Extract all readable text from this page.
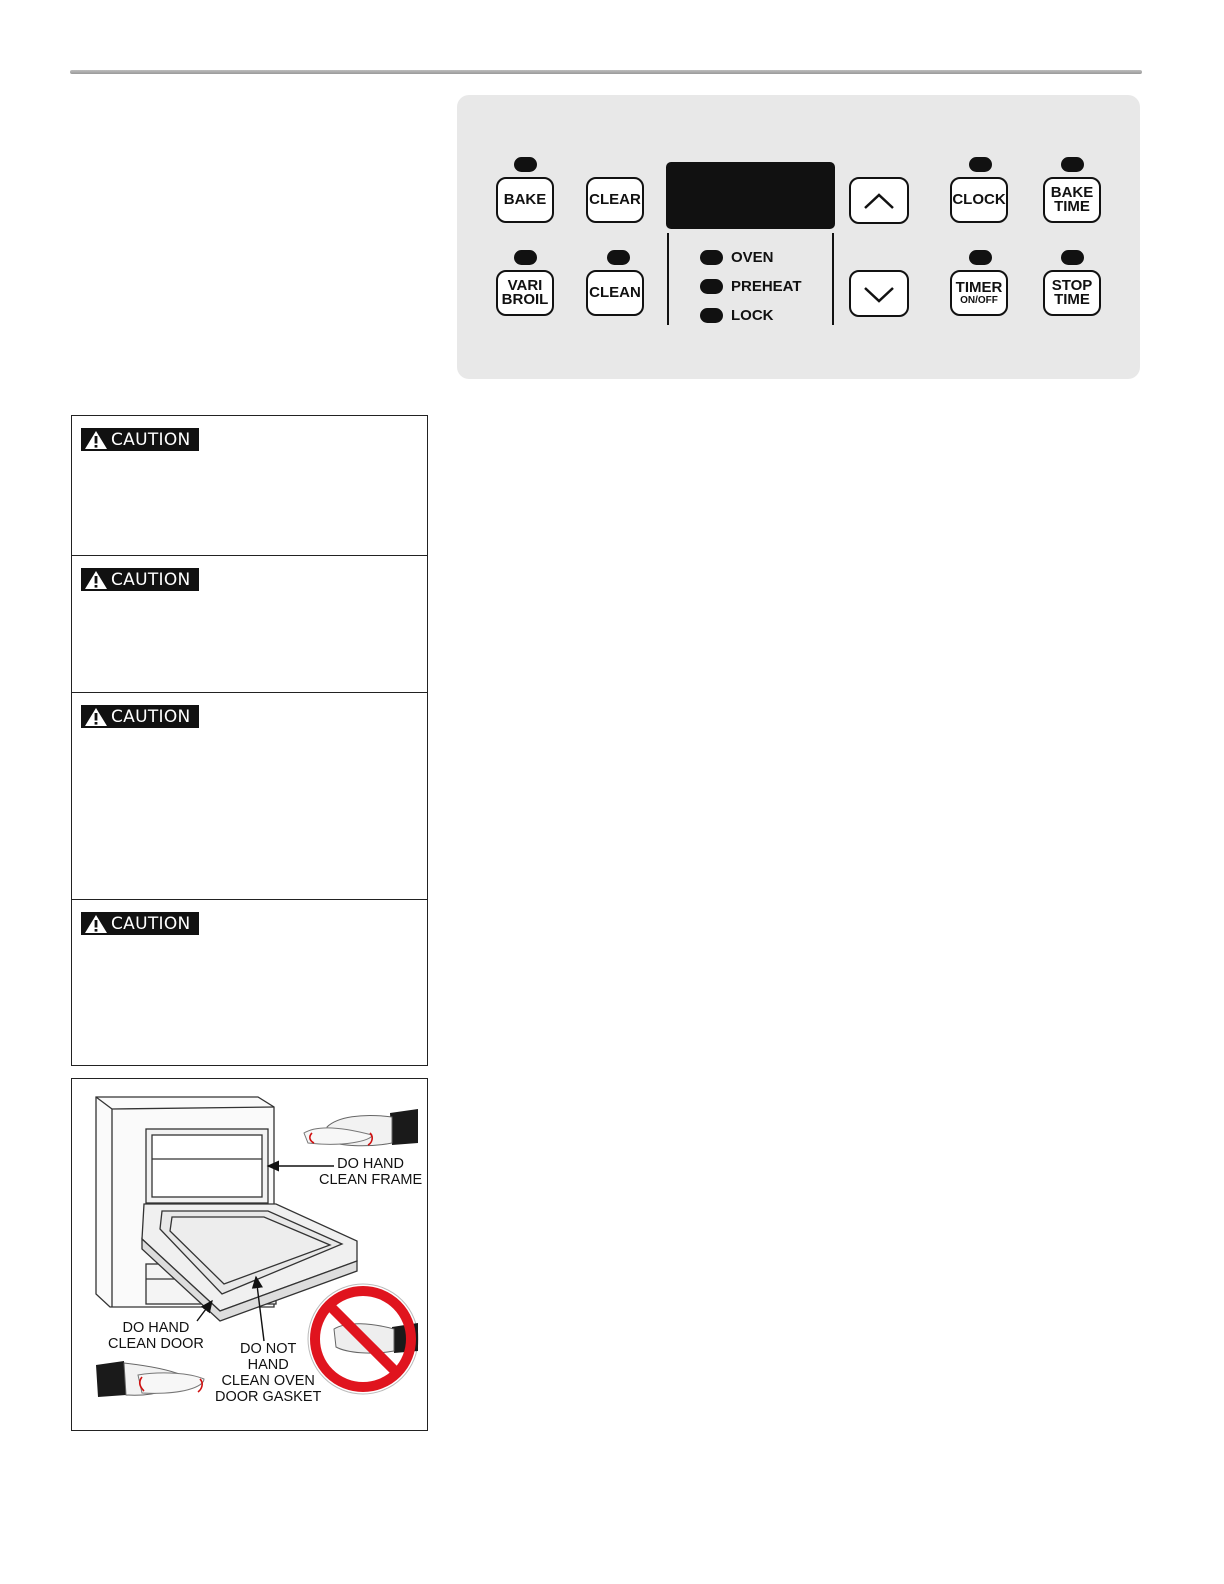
BAKE	CLEAR	CLOCK	BAKE
TIME
VARI
BROIL	CLEAN
OVEN
PREHEAT
LOCK
TIMER
ON/OFF
STOP
TIME
CAUTION
CAUTION
CAUTION
CAUTION
DO HAND
CLEAN FRAME
DO HAND
CLEAN DOOR	DO NOT
HAND
CLEAN OVEN
DOOR GASKET
